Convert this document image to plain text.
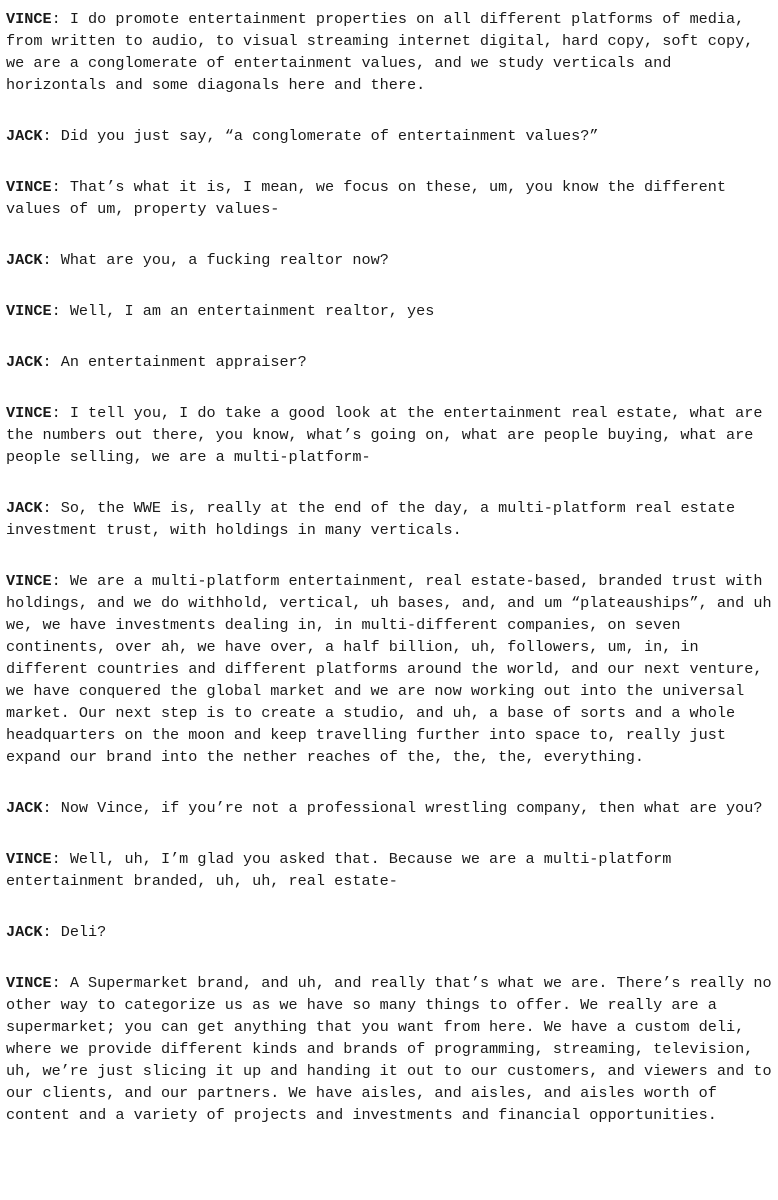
VINCE: I do promote entertainment properties on all different platforms of media, from written to audio, to visual streaming internet digital, hard copy, soft copy, we are a conglomerate of entertainment values, and we study verticals and horizontals and some diagonals here and there.

JACK: Did you just say, “a conglomerate of entertainment values?”

VINCE: That’s what it is, I mean, we focus on these, um, you know the different values of um, property values-

JACK: What are you, a fucking realtor now?

VINCE: Well, I am an entertainment realtor, yes

JACK: An entertainment appraiser?

VINCE: I tell you, I do take a good look at the entertainment real estate, what are the numbers out there, you know, what’s going on, what are people buying, what are people selling, we are a multi-platform-

JACK: So, the WWE is, really at the end of the day, a multi-platform real estate investment trust, with holdings in many verticals.

VINCE: We are a multi-platform entertainment, real estate-based, branded trust with holdings, and we do withhold, vertical, uh bases, and, and um “plateauships”, and uh we, we have investments dealing in, in multi-different companies, on seven continents, over ah, we have over, a half billion, uh, followers, um, in, in different countries and different platforms around the world, and our next venture, we have conquered the global market and we are now working out into the universal market. Our next step is to create a studio, and uh, a base of sorts and a whole headquarters on the moon and keep travelling further into space to, really just expand our brand into the nether reaches of the, the, the, everything.

JACK: Now Vince, if you’re not a professional wrestling company, then what are you?

VINCE: Well, uh, I’m glad you asked that. Because we are a multi-platform entertainment branded, uh, uh, real estate-

JACK: Deli?

VINCE: A Supermarket brand, and uh, and really that’s what we are. There’s really no other way to categorize us as we have so many things to offer. We really are a supermarket; you can get anything that you want from here. We have a custom deli, where we provide different kinds and brands of programming, streaming, television, uh, we’re just slicing it up and handing it out to our customers, and viewers and to our clients, and our partners. We have aisles, and aisles, and aisles worth of content and a variety of projects and investments and financial opportunities.
